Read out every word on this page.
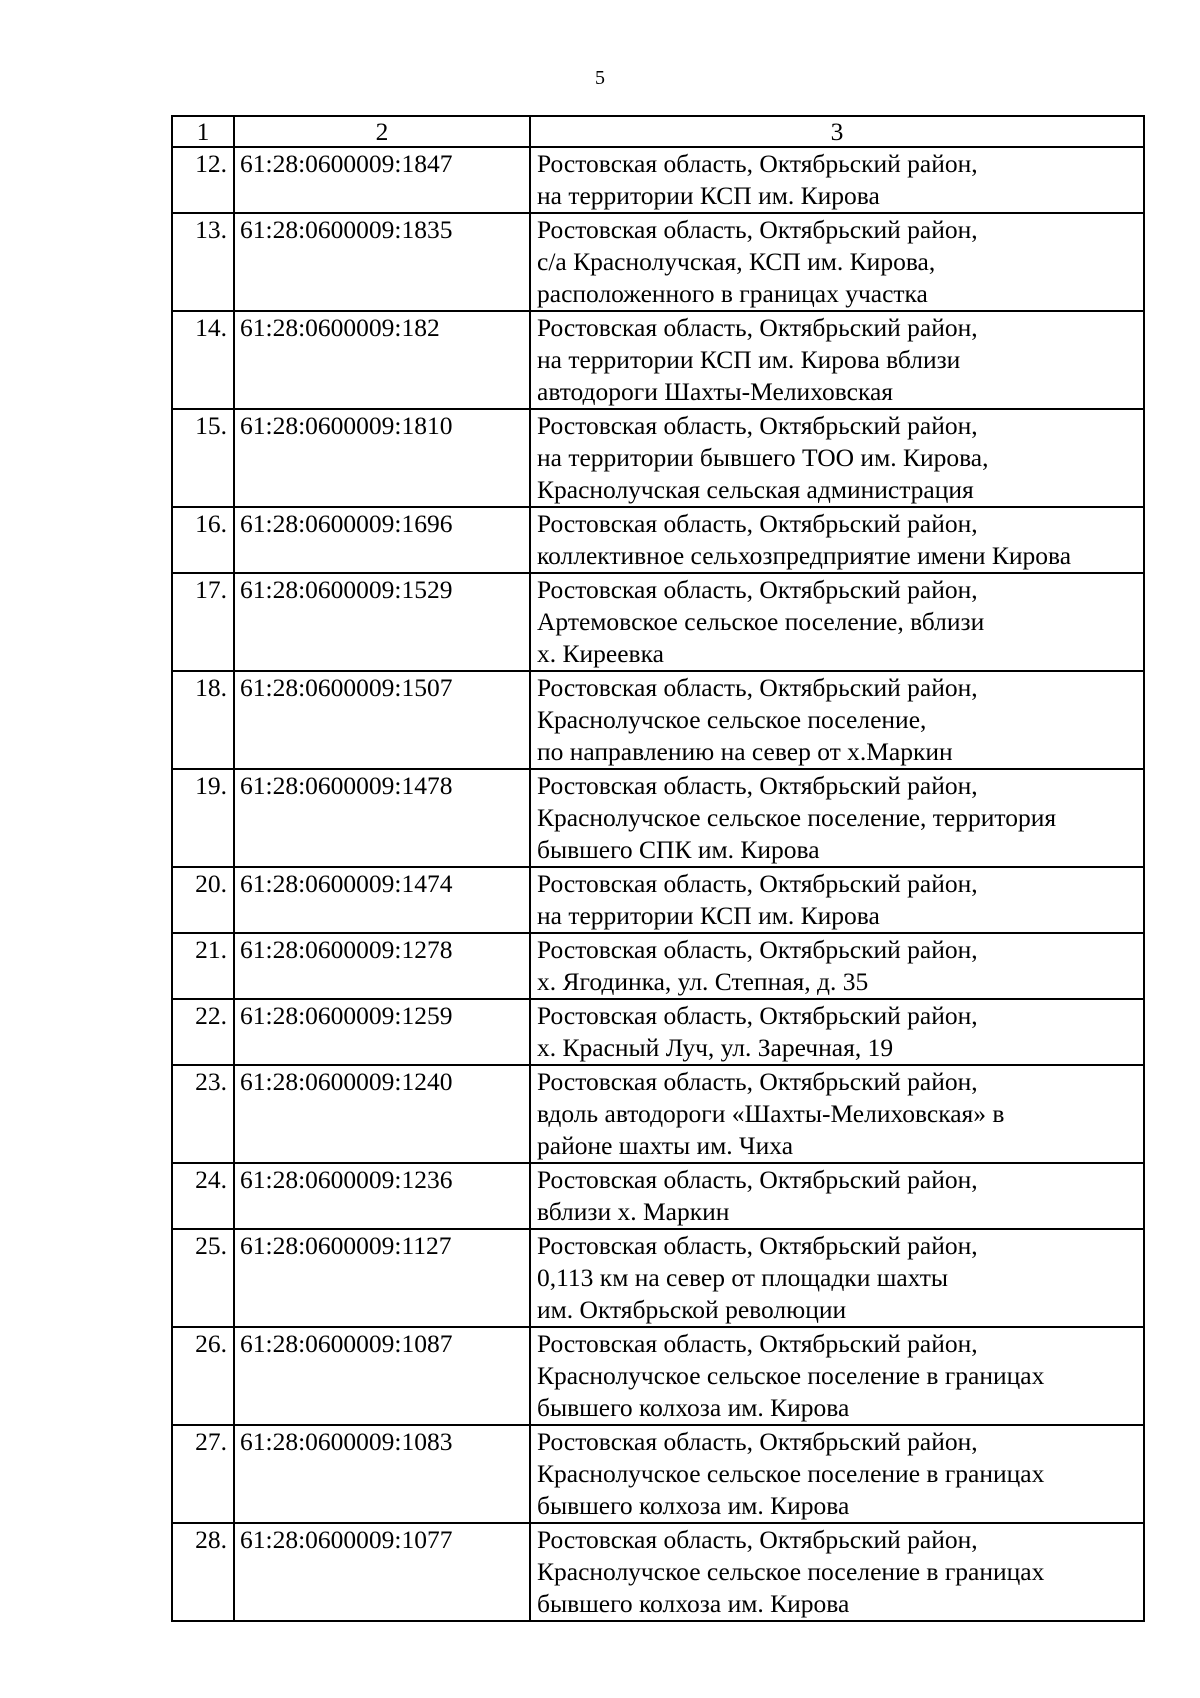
5
1	2	3
12.	61:28:0600009:1847	Ростовская область, Октябрьский район,
на территории КСП им. Кирова

13.	61:28:0600009:1835	Ростовская область, Октябрьский район,
с/а Краснолучская, КСП им. Кирова,
расположенного в границах участка

14.	61:28:0600009:182	Ростовская область, Октябрьский район,
на территории КСП им. Кирова вблизи
автодороги Шахты-Мелиховская

15.	61:28:0600009:1810	Ростовская область, Октябрьский район,
на территории бывшего ТОО им. Кирова,
Краснолучская сельская администрация

16.	61:28:0600009:1696	Ростовская область, Октябрьский район,
коллективное сельхозпредприятие имени Кирова

17.	61:28:0600009:1529	Ростовская область, Октябрьский район,
Артемовское сельское поселение, вблизи
х. Киреевка

18.	61:28:0600009:1507	Ростовская область, Октябрьский район,
Краснолучское сельское поселение,
по направлению на север от х.Маркин

19.	61:28:0600009:1478	Ростовская область, Октябрьский район,
Краснолучское сельское поселение, территория
бывшего СПК им. Кирова

20.	61:28:0600009:1474	Ростовская область, Октябрьский район,
на территории КСП им. Кирова

21.	61:28:0600009:1278	Ростовская область, Октябрьский район,
х. Ягодинка, ул. Степная, д. 35

22.	61:28:0600009:1259	Ростовская область, Октябрьский район,
х. Красный Луч, ул. Заречная, 19

23.	61:28:0600009:1240	Ростовская область, Октябрьский район,
вдоль автодороги «Шахты-Мелиховская» в
районе шахты им. Чиха

24.	61:28:0600009:1236	Ростовская область, Октябрьский район,
вблизи х. Маркин

25.	61:28:0600009:1127	Ростовская область, Октябрьский район,
0,113 км на север от площадки шахты
им. Октябрьской революции

26.	61:28:0600009:1087	Ростовская область, Октябрьский район,
Краснолучское сельское поселение в границах
бывшего колхоза им. Кирова

27.	61:28:0600009:1083	Ростовская область, Октябрьский район,
Краснолучское сельское поселение в границах
бывшего колхоза им. Кирова

28.	61:28:0600009:1077	Ростовская область, Октябрьский район,
Краснолучское сельское поселение в границах
бывшего колхоза им. Кирова
